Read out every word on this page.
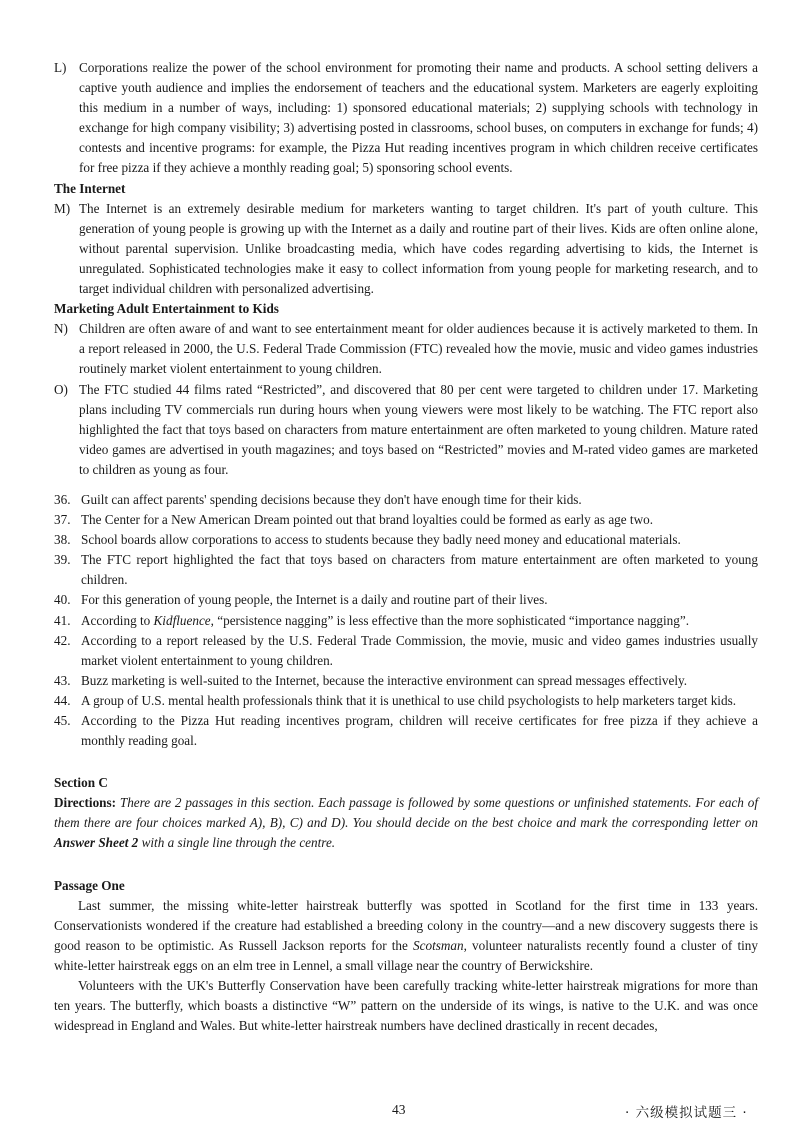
L) Corporations realize the power of the school environment for promoting their name and products. A school setting delivers a captive youth audience and implies the endorsement of teachers and the educational system. Marketers are eagerly exploiting this medium in a number of ways, including: 1) sponsored educational materials; 2) supplying schools with technology in exchange for high company visibility; 3) advertising posted in classrooms, school buses, on computers in exchange for funds; 4) contests and incentive programs: for example, the Pizza Hut reading incentives program in which children receive certificates for free pizza if they achieve a monthly reading goal; 5) sponsoring school events.
The Internet
M) The Internet is an extremely desirable medium for marketers wanting to target children. It's part of youth culture. This generation of young people is growing up with the Internet as a daily and routine part of their lives. Kids are often online alone, without parental supervision. Unlike broadcasting media, which have codes regarding advertising to kids, the Internet is unregulated. Sophisticated technologies make it easy to collect information from young people for marketing research, and to target individual children with personalized advertising.
Marketing Adult Entertainment to Kids
N) Children are often aware of and want to see entertainment meant for older audiences because it is actively marketed to them. In a report released in 2000, the U.S. Federal Trade Commission (FTC) revealed how the movie, music and video games industries routinely market violent entertainment to young children.
O) The FTC studied 44 films rated “Restricted”, and discovered that 80 per cent were targeted to children under 17. Marketing plans including TV commercials run during hours when young viewers were most likely to be watching. The FTC report also highlighted the fact that toys based on characters from mature entertainment are often marketed to young children. Mature rated video games are advertised in youth magazines; and toys based on “Restricted” movies and M-rated video games are marketed to children as young as four.
36. Guilt can affect parents' spending decisions because they don't have enough time for their kids.
37. The Center for a New American Dream pointed out that brand loyalties could be formed as early as age two.
38. School boards allow corporations to access to students because they badly need money and educational materials.
39. The FTC report highlighted the fact that toys based on characters from mature entertainment are often marketed to young children.
40. For this generation of young people, the Internet is a daily and routine part of their lives.
41. According to Kidfluence, “persistence nagging” is less effective than the more sophisticated “importance nagging”.
42. According to a report released by the U.S. Federal Trade Commission, the movie, music and video games industries usually market violent entertainment to young children.
43. Buzz marketing is well-suited to the Internet, because the interactive environment can spread messages effectively.
44. A group of U.S. mental health professionals think that it is unethical to use child psychologists to help marketers target kids.
45. According to the Pizza Hut reading incentives program, children will receive certificates for free pizza if they achieve a monthly reading goal.
Section C
Directions: There are 2 passages in this section. Each passage is followed by some questions or unfinished statements. For each of them there are four choices marked A), B), C) and D). You should decide on the best choice and mark the corresponding letter on Answer Sheet 2 with a single line through the centre.
Passage One
Last summer, the missing white-letter hairstreak butterfly was spotted in Scotland for the first time in 133 years. Conservationists wondered if the creature had established a breeding colony in the country—and a new discovery suggests there is good reason to be optimistic. As Russell Jackson reports for the Scotsman, volunteer naturalists recently found a cluster of tiny white-letter hairstreak eggs on an elm tree in Lennel, a small village near the country of Berwickshire.
Volunteers with the UK's Butterfly Conservation have been carefully tracking white-letter hairstreak migrations for more than ten years. The butterfly, which boasts a distinctive “W” pattern on the underside of its wings, is native to the U.K. and was once widespread in England and Wales. But white-letter hairstreak numbers have declined drastically in recent decades,
43	· 六级模拟试题三 ·
